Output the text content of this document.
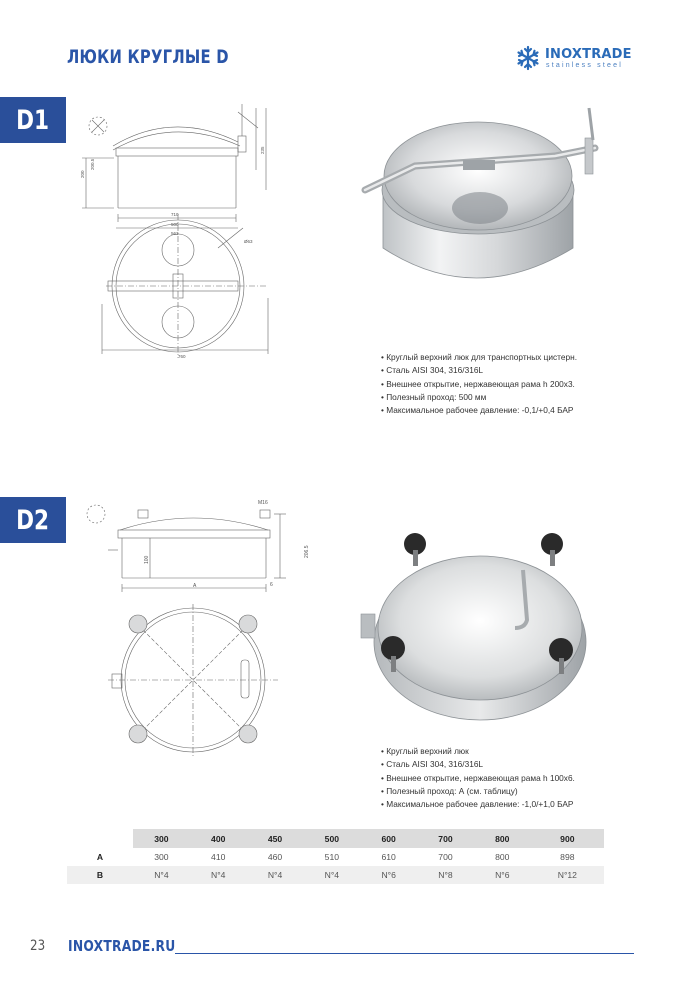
ЛЮКИ КРУГЛЫЕ D	INOXTRADE
stainless steel
D1
Ø63
200
200.5
235
710
500
563
760	• Круглый верхний люк для транспортных цистерн.
• Сталь AISI 304, 316/316L
• Внешнее открытие, нержавеющая рама h 200x3.
• Полезный проход: 500 мм
• Максимальное рабочее давление: -0,1/+0,4 БАР
D2
M16
100
206.5
A	6
• Круглый верхний люк
• Сталь AISI 304, 316/316L
• Внешнее открытие, нержавеющая рама h 100x6.
• Полезный проход: А (см. таблицу)
• Максимальное рабочее давление: -1,0/+1,0 БАР
	300	400	450	500	600	700	800	900
A	300	410	460	510	610	700	800	898
B	N°4	N°4	N°4	N°4	N°6	N°8	N°6	N°12
23 INOXTRADE.RU
